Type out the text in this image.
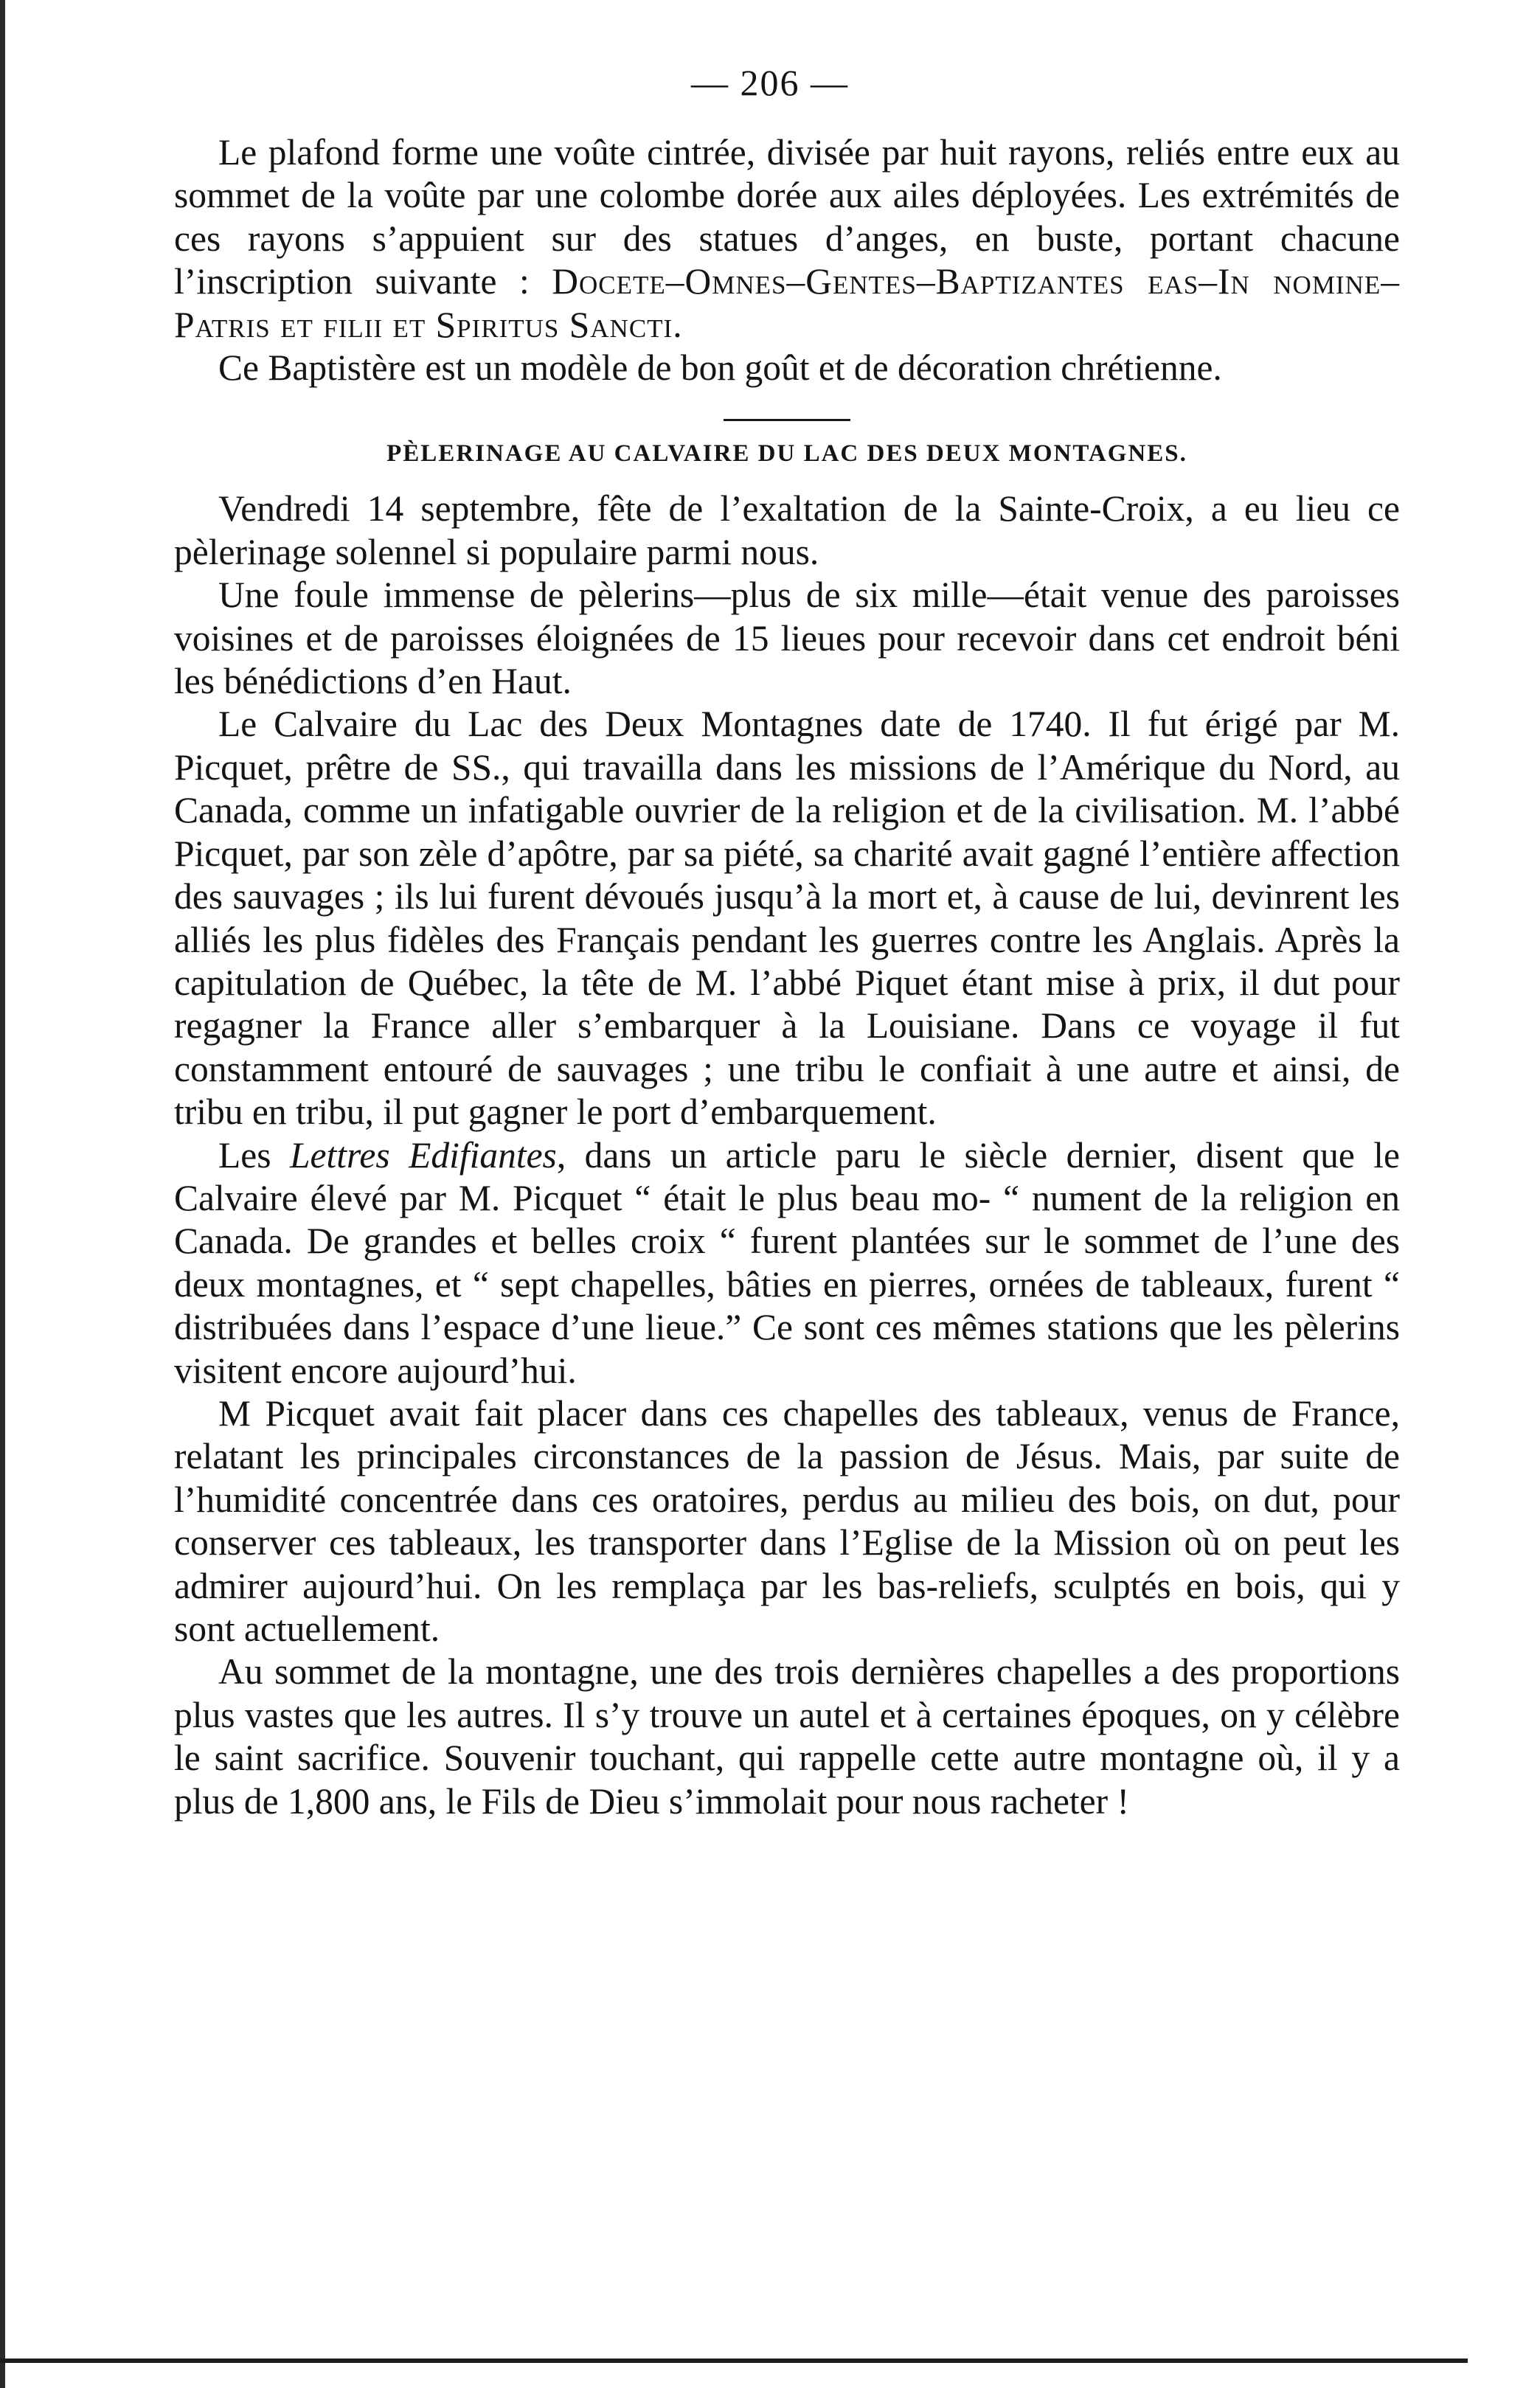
— 206 —

Le plafond forme une voûte cintrée, divisée par huit rayons, reliés entre eux au sommet de la voûte par une colombe dorée aux ailes déployées. Les extrémités de ces rayons s’appuient sur des statues d’anges, en buste, portant chacune l’inscription suivante : Docete–Omnes–Gentes–Baptizantes eas–In nomine–Patris et filii et Spiritus Sancti.

Ce Baptistère est un modèle de bon goût et de décoration chrétienne.

PÈLERINAGE AU CALVAIRE DU LAC DES DEUX MONTAGNES.

Vendredi 14 septembre, fête de l’exaltation de la Sainte-Croix, a eu lieu ce pèlerinage solennel si populaire parmi nous.

Une foule immense de pèlerins—plus de six mille—était venue des paroisses voisines et de paroisses éloignées de 15 lieues pour recevoir dans cet endroit béni les bénédictions d’en Haut.

Le Calvaire du Lac des Deux Montagnes date de 1740. Il fut érigé par M. Picquet, prêtre de SS., qui travailla dans les missions de l’Amérique du Nord, au Canada, comme un infatigable ouvrier de la religion et de la civilisation. M. l’abbé Picquet, par son zèle d’apôtre, par sa piété, sa charité avait gagné l’entière affection des sauvages ; ils lui furent dévoués jusqu’à la mort et, à cause de lui, devinrent les alliés les plus fidèles des Français pendant les guerres contre les Anglais. Après la capitulation de Québec, la tête de M. l’abbé Piquet étant mise à prix, il dut pour regagner la France aller s’embarquer à la Louisiane. Dans ce voyage il fut constamment entouré de sauvages ; une tribu le confiait à une autre et ainsi, de tribu en tribu, il put gagner le port d’embarquement.

Les Lettres Edifiantes, dans un article paru le siècle dernier, disent que le Calvaire élevé par M. Picquet “ était le plus beau mo- “ nument de la religion en Canada. De grandes et belles croix “ furent plantées sur le sommet de l’une des deux montagnes, et “ sept chapelles, bâties en pierres, ornées de tableaux, furent “ distribuées dans l’espace d’une lieue.” Ce sont ces mêmes stations que les pèlerins visitent encore aujourd’hui.

M Picquet avait fait placer dans ces chapelles des tableaux, venus de France, relatant les principales circonstances de la passion de Jésus. Mais, par suite de l’humidité concentrée dans ces oratoires, perdus au milieu des bois, on dut, pour conserver ces tableaux, les transporter dans l’Eglise de la Mission où on peut les admirer aujourd’hui. On les remplaça par les bas-reliefs, sculptés en bois, qui y sont actuellement.

Au sommet de la montagne, une des trois dernières chapelles a des proportions plus vastes que les autres. Il s’y trouve un autel et à certaines époques, on y célèbre le saint sacrifice. Souvenir touchant, qui rappelle cette autre montagne où, il y a plus de 1,800 ans, le Fils de Dieu s’immolait pour nous racheter !
